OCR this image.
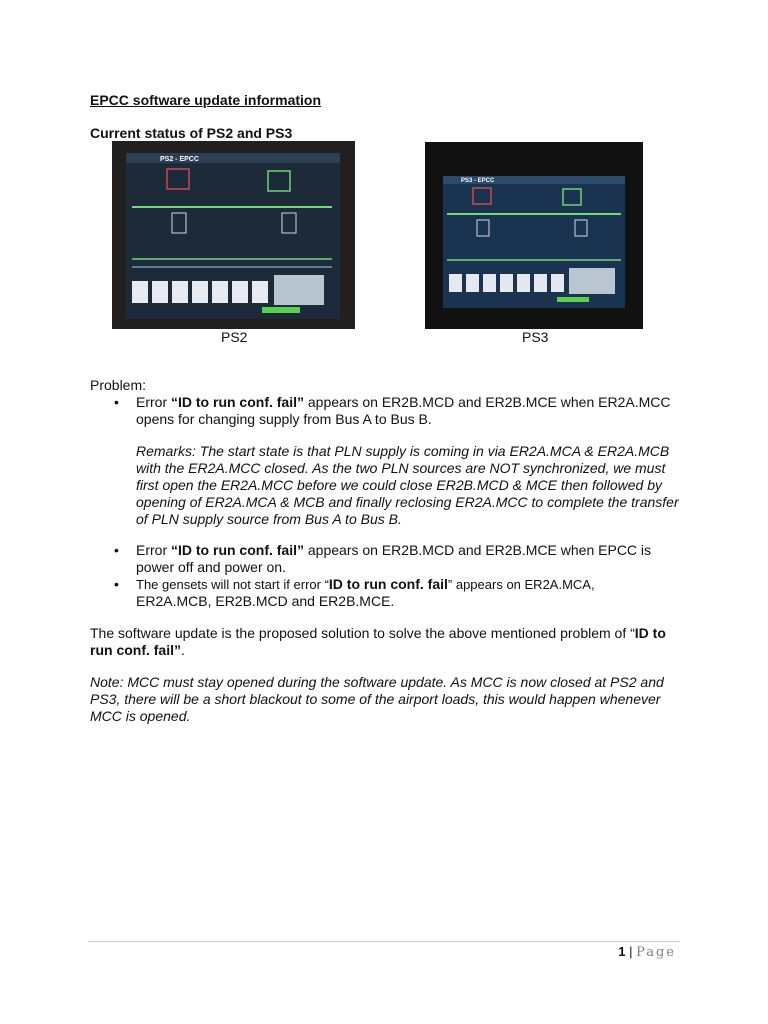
EPCC software update information
Current status of PS2 and PS3
PS2 - EPCC
PS3 - EPCC
PS2	PS3
Problem:
• Error “ID to run conf. fail” appears on ER2B.MCD and ER2B.MCE when ER2A.MCC
opens for changing supply from Bus A to Bus B.
Remarks: The start state is that PLN supply is coming in via ER2A.MCA & ER2A.MCB
with the ER2A.MCC closed. As the two PLN sources are NOT synchronized, we must
first open the ER2A.MCC before we could close ER2B.MCD & MCE then followed by
opening of ER2A.MCA & MCB and finally reclosing ER2A.MCC to complete the transfer
of PLN supply source from Bus A to Bus B.
• Error “ID to run conf. fail” appears on ER2B.MCD and ER2B.MCE when EPCC is
power off and power on.
• The gensets will not start if error “ID to run conf. fail” appears on ER2A.MCA,
ER2A.MCB, ER2B.MCD and ER2B.MCE.
The software update is the proposed solution to solve the above mentioned problem of “ID to
run conf. fail”.
Note: MCC must stay opened during the software update. As MCC is now closed at PS2 and
PS3, there will be a short blackout to some of the airport loads, this would happen whenever
MCC is opened.
1 | Page
